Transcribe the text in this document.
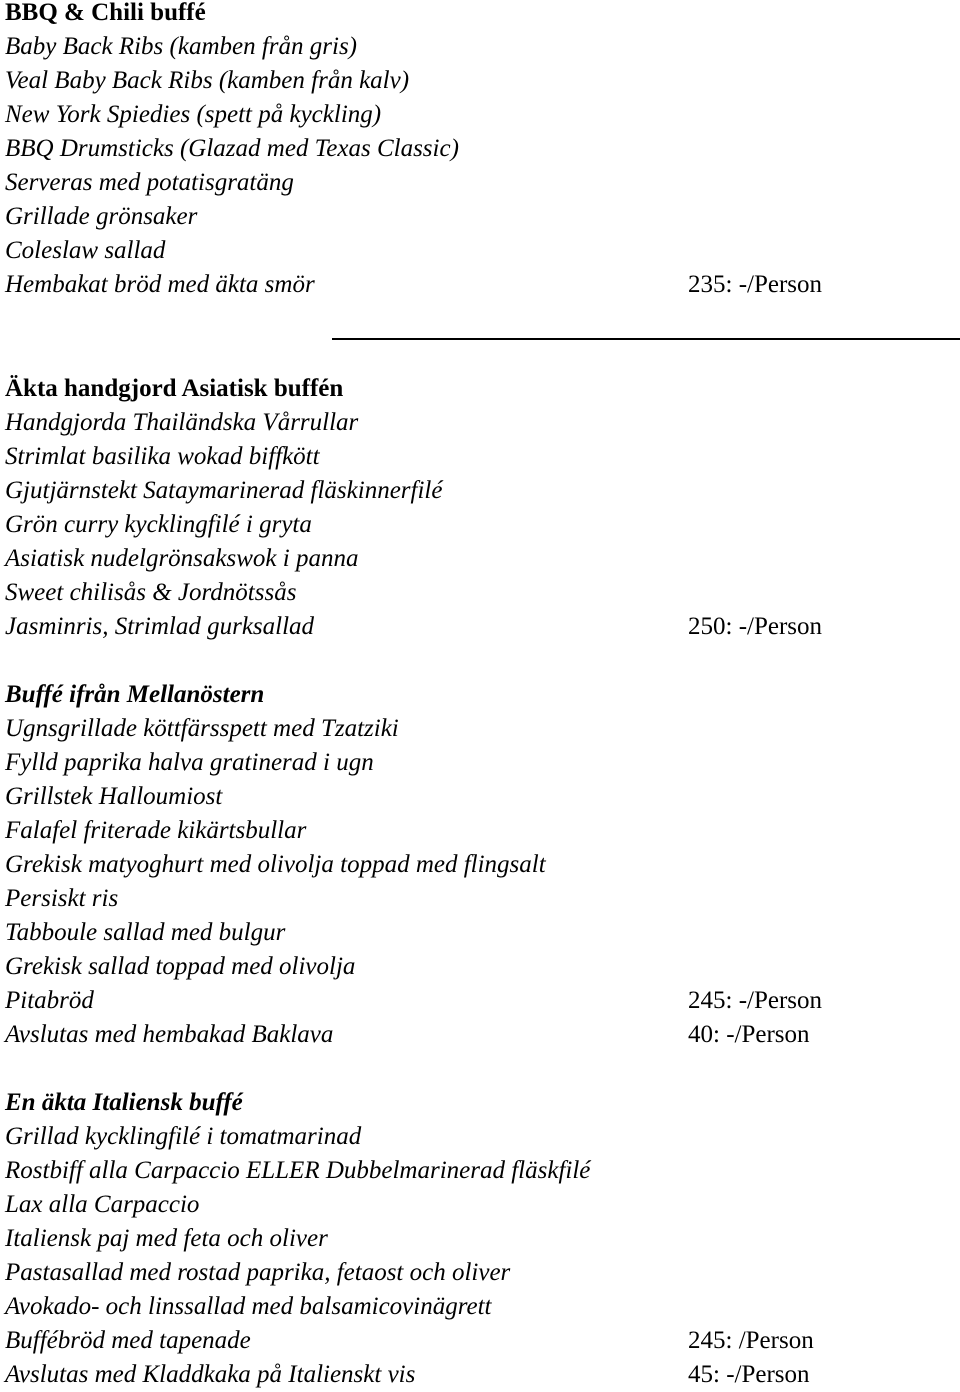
BBQ & Chili buffé
Baby Back Ribs (kamben från gris)
Veal Baby Back Ribs (kamben från kalv)
New York Spiedies (spett på kyckling)
BBQ Drumsticks (Glazad med Texas Classic)
Serveras med potatisgratäng
Grillade grönsaker
Coleslaw sallad
Hembakat bröd med äkta smör	235: -/Person
Äkta handgjord Asiatisk buffén
Handgjorda Thailändska Vårrullar
Strimlat basilika wokad biffkött
Gjutjärnstekt Sataymarinerad fläskinnerfilé
Grön curry kycklingfilé i gryta
Asiatisk nudelgrönsakswok i panna
Sweet chilisås & Jordnötssås
Jasminris, Strimlad gurksallad	250: -/Person
Buffé ifrån Mellanöstern
Ugnsgrillade köttfärsspett med Tzatziki
Fylld paprika halva gratinerad i ugn
Grillstek Halloumiost
Falafel friterade kikärtsbullar
Grekisk matyoghurt med olivolja toppad med flingsalt
Persiskt ris
Tabboule sallad med bulgur
Grekisk sallad toppad med olivolja
Pitabröd	245: -/Person
Avslutas med hembakad Baklava	40: -/Person
En äkta Italiensk buffé
Grillad kycklingfilé i tomatmarinad
Rostbiff alla Carpaccio ELLER Dubbelmarinerad fläskfilé
Lax alla Carpaccio
Italiensk paj med feta och oliver
Pastasallad med rostad paprika, fetaost och oliver
Avokado- och linssallad med balsamicovinägrett
Buffébröd med tapenade	245: /Person
Avslutas med Kladdkaka på Italienskt vis	45: -/Person
